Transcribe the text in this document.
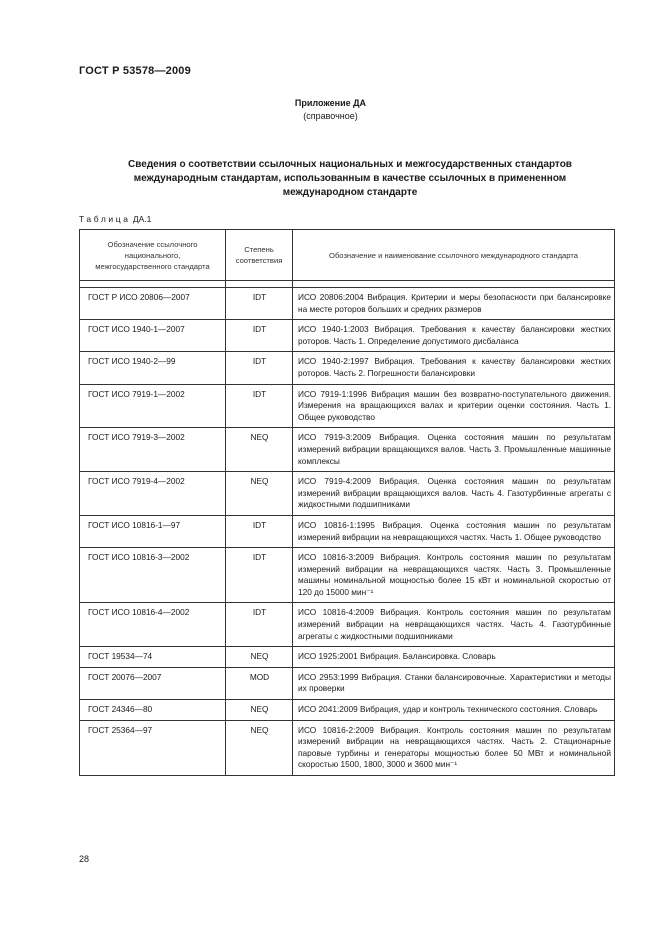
ГОСТ Р 53578—2009
Приложение ДА
(справочное)
Сведения о соответствии ссылочных национальных и межгосударственных стандартов
международным стандартам, использованным в качестве ссылочных в примененном
международном стандарте
Таблица ДА.1
Обозначение ссылочного национального, межгосударственного стандарта	Степень соответствия	Обозначение и наименование ссылочного международного стандарта

ГОСТ Р ИСО 20806—2007	IDT	ИСО 20806:2004 Вибрация. Критерии и меры безопасности при балансировке на месте роторов больших и средних размеров

ГОСТ ИСО 1940-1—2007	IDT	ИСО 1940-1:2003 Вибрация. Требования к качеству балансировки жестких роторов. Часть 1. Определение допустимого дисбаланса

ГОСТ ИСО 1940-2—99	IDT	ИСО 1940-2:1997 Вибрация. Требования к качеству балансировки жестких роторов. Часть 2. Погрешности балансировки

ГОСТ ИСО 7919-1—2002	IDT	ИСО 7919-1:1996 Вибрация машин без возвратно-поступательного движения. Измерения на вращающихся валах и критерии оценки состояния. Часть 1. Общее руководство

ГОСТ ИСО 7919-3—2002	NEQ	ИСО 7919-3:2009 Вибрация. Оценка состояния машин по результатам измерений вибрации вращающихся валов. Часть 3. Промышленные машинные комплексы

ГОСТ ИСО 7919-4—2002	NEQ	ИСО 7919-4:2009 Вибрация. Оценка состояния машин по результатам измерений вибрации вращающихся валов. Часть 4. Газотурбинные агрегаты с жидкостными подшипниками

ГОСТ ИСО 10816-1—97	IDT	ИСО 10816-1:1995 Вибрация. Оценка состояния машин по результатам измерений вибрации на невращающихся частях. Часть 1. Общее руководство

ГОСТ ИСО 10816-3—2002	IDT	ИСО 10816-3:2009 Вибрация. Контроль состояния машин по результатам измерений вибрации на невращающихся частях. Часть 3. Промышленные машины номинальной мощностью более 15 кВт и номинальной скоростью от 120 до 15000 мин⁻¹

ГОСТ ИСО 10816-4—2002	IDT	ИСО 10816-4:2009 Вибрация. Контроль состояния машин по результатам измерений вибрации на невращающихся частях. Часть 4. Газотурбинные агрегаты с жидкостными подшипниками

ГОСТ 19534—74	NEQ	ИСО 1925:2001 Вибрация. Балансировка. Словарь

ГОСТ 20076—2007	MOD	ИСО 2953:1999 Вибрация. Станки балансировочные. Характеристики и методы их проверки

ГОСТ 24346—80	NEQ	ИСО 2041:2009 Вибрация, удар и контроль технического состояния. Словарь

ГОСТ 25364—97	NEQ	ИСО 10816-2:2009 Вибрация. Контроль состояния машин по результатам измерений вибрации на невращающихся частях. Часть 2. Стационарные паровые турбины и генераторы мощностью более 50 МВт и номинальной скоростью 1500, 1800, 3000 и 3600 мин⁻¹
28
